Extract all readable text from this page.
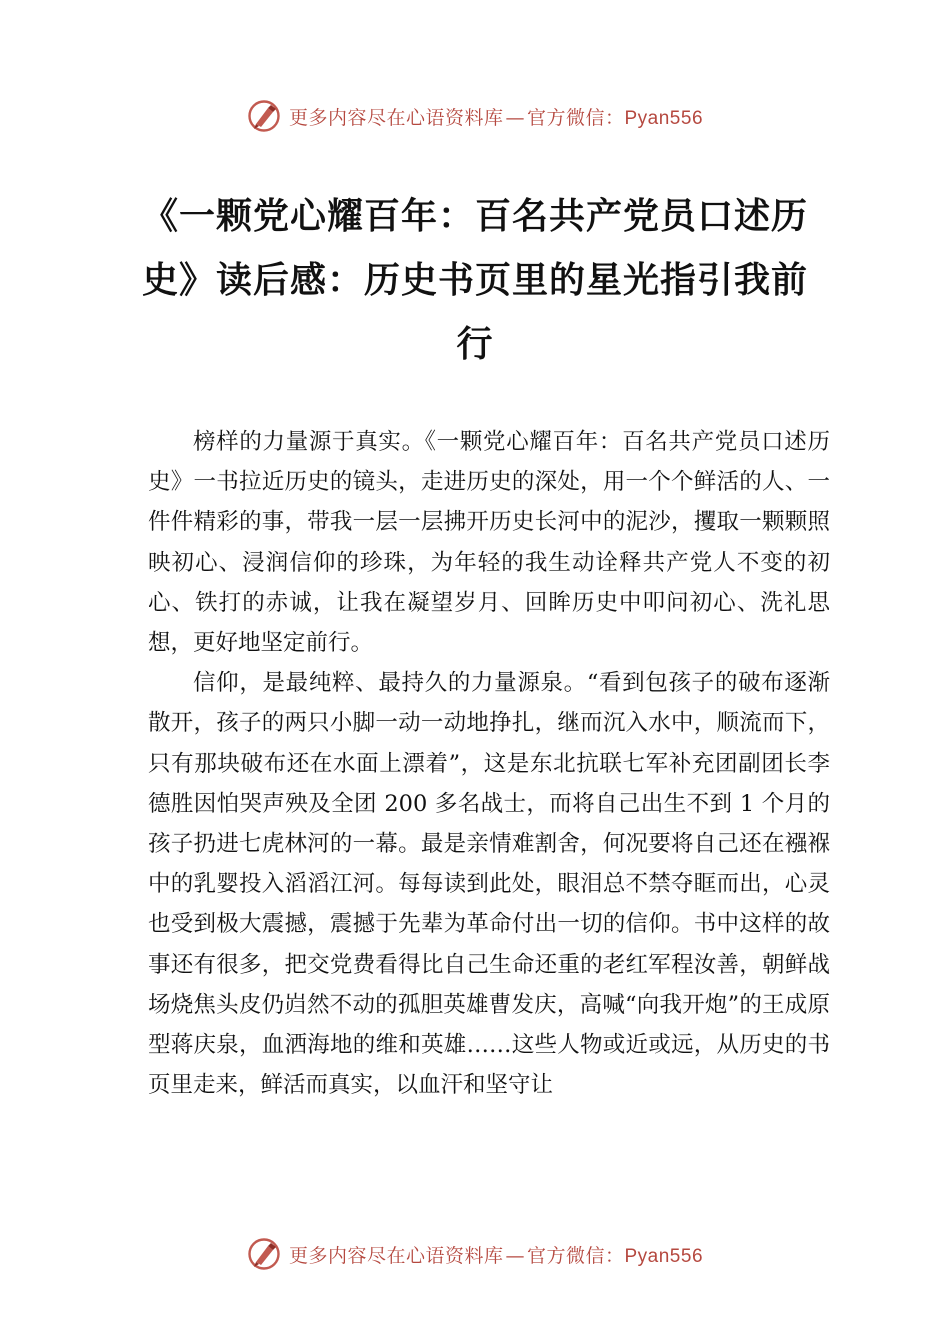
更多内容尽在心语资料库 — 官方微信：Pyan556
《一颗党心耀百年：百名共产党员口述历史》读后感：历史书页里的星光指引我前行

榜样的力量源于真实。《一颗党心耀百年：百名共产党员口述历史》一书拉近历史的镜头，走进历史的深处，用一个个鲜活的人、一件件精彩的事，带我一层一层拂开历史长河中的泥沙，攫取一颗颗照映初心、浸润信仰的珍珠，为年轻的我生动诠释共产党人不变的初心、铁打的赤诚，让我在凝望岁月、回眸历史中叩问初心、洗礼思想，更好地坚定前行。

信仰，是最纯粹、最持久的力量源泉。“看到包孩子的破布逐渐散开，孩子的两只小脚一动一动地挣扎，继而沉入水中，顺流而下，只有那块破布还在水面上漂着”，这是东北抗联七军补充团副团长李德胜因怕哭声殃及全团 200 多名战士，而将自己出生不到 1 个月的孩子扔进七虎林河的一幕。最是亲情难割舍，何况要将自己还在襁褓中的乳婴投入滔滔江河。每每读到此处，眼泪总不禁夺眶而出，心灵也受到极大震撼，震撼于先辈为革命付出一切的信仰。书中这样的故事还有很多，把交党费看得比自己生命还重的老红军程汝善，朝鲜战场烧焦头皮仍岿然不动的孤胆英雄曹发庆，高喊“向我开炮”的王成原型蒋庆泉，血洒海地的维和英雄……这些人物或近或远，从历史的书页里走来，鲜活而真实，以血汗和坚守让

更多内容尽在心语资料库 — 官方微信：Pyan556
